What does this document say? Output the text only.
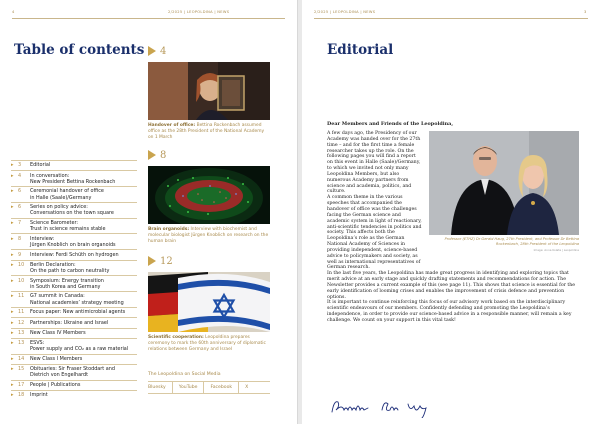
4	2/2025 | LEOPOLDINA | NEWS
Table of contents
▸ 3	Editorial
▸ 4	In conversation:
New President Bettina Rockenbach
▸ 6	Ceremonial handover of office
in Halle (Saale)/Germany
▸ 6	Series on policy advice:
Conversations on the town square
▸ 7	Science Barometer:
Trust in science remains stable
▸ 8	Interview:
Jürgen Knoblich on brain organoids
▸ 9	Interview: Ferdi Schüth on hydrogen
▸ 10	Berlin Declaration:
On the path to carbon neutrality
▸ 10	Symposium: Energy transition
in South Korea and Germany
▸ 11	G7 summit in Canada:
National academies’ strategy meeting
▸ 11	Focus paper: New antimicrobial agents
▸ 12	Partnerships: Ukraine and Israel
▸ 13	New Class IV Members
▸ 13	ESVS:
Power supply and CO₂ as a raw material
▸ 14	New Class I Members
▸ 15	Obituaries: Sir Fraser Stoddart and
Dietrich von Engelhardt
▸ 17	People | Publications
▸ 18	Imprint
4
Handover of office: Bettina Rockenbach assumed office as the 28th President of the National Academy on 1 March
8
Brain organoids: Interview with biochemist and molecular biologist Jürgen Knoblich on research on the human brain
12
Scientific cooperation: Leopoldina prepares ceremony to mark the 60th anniversary of diplomatic relations between Germany and Israel
The Leopoldina on Social Media
Bluesky	YouTube	Facebook	X
2/2025 | LEOPOLDINA | NEWS	3
Editorial
Dear Members and Friends of the Leopoldina,
Professor (ETHZ) Dr Gerald Haug, 27th President, and Professor Dr Bettina Rockenbach, 28th President of the Leopoldina
Image: Anna Kolata | Leopoldina

A few days ago, the Presidency of our Academy was handed over for the 27th time – and for the first time a female researcher takes up the role. On the following pages you will find a report on this event in Halle (Saale)/Germany, to which we invited not only many Leopoldina Members, but also numerous Academy partners from science and academia, politics, and culture.

A common theme in the various speeches that accompanied the handover of office was the challenges facing the German science and academic system in light of reactionary, anti-scientific tendencies in politics and society. This affects both the Leopoldina’s role as the German National Academy of Sciences in providing independent, science-based advice to policymakers and society, as well as international representatives of German research.

In the last five years, the Leopoldina has made great progress in identifying and exploring topics that merit advice at an early stage and quickly drafting statements and recommendations for action. The Newsletter provides a current example of this (see page 11). This shows that science is essential for the early identification of looming crises and enables the improvement of crisis defence and prevention options.

It is important to continue reinforcing this focus of our advisory work based on the interdisciplinary scientific endeavours of our members. Confidently defending and promoting the Leopoldina’s independence, in order to provide our science-based advice in a responsible manner, will remain a key challenge. We count on your support in this vital task!
